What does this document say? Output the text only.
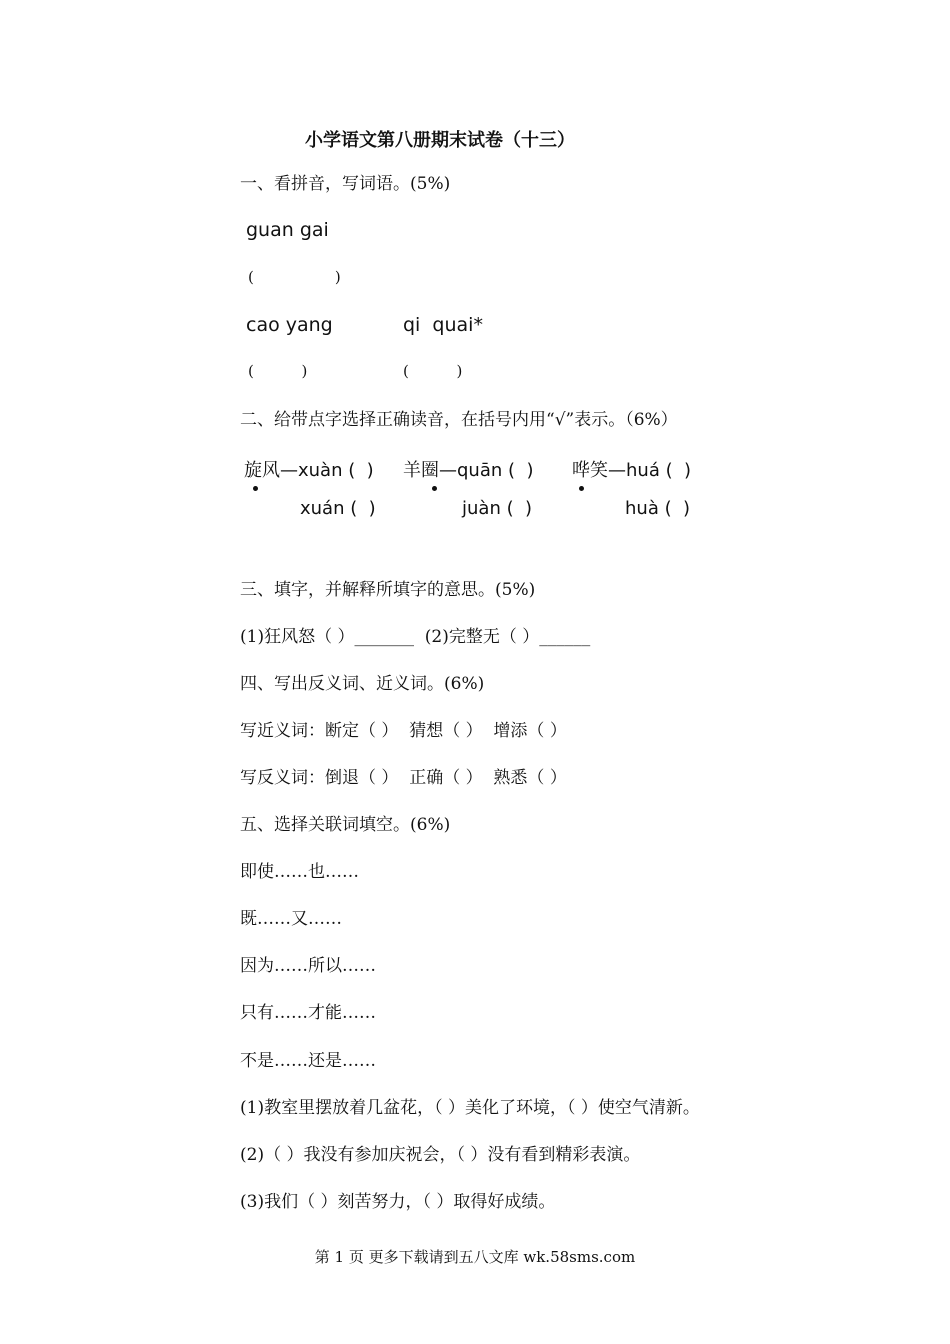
小学语文第八册期末试卷（十三）
一、看拼音，写词语。(5%)
guan gai
(                 )
cao yang	qi  quai*
(          )	(          )
二、给带点字选择正确读音，在括号内用“√”表示。（6%）
旋风—xuàn (  )
xuán (  )
羊圈—quān (  )
juàn (  )
哗笑—huá (  )
huà (  )
三、填字，并解释所填字的意思。(5%)
(1)狂风怒（ ）_______  (2)完整无（ ）______
四、写出反义词、近义词。(6%)
写近义词：断定（ ）  猜想（ ）  增添（ ）
写反义词：倒退（ ）  正确（ ）  熟悉（ ）
五、选择关联词填空。(6%)
即使……也……
既……又……
因为……所以……
只有……才能……
不是……还是……
(1)教室里摆放着几盆花，（ ）美化了环境，（ ）使空气清新。
(2)（ ）我没有参加庆祝会，（ ）没有看到精彩表演。
(3)我们（ ）刻苦努力，（ ）取得好成绩。
第 1 页 更多下载请到五八文库 wk.58sms.com
